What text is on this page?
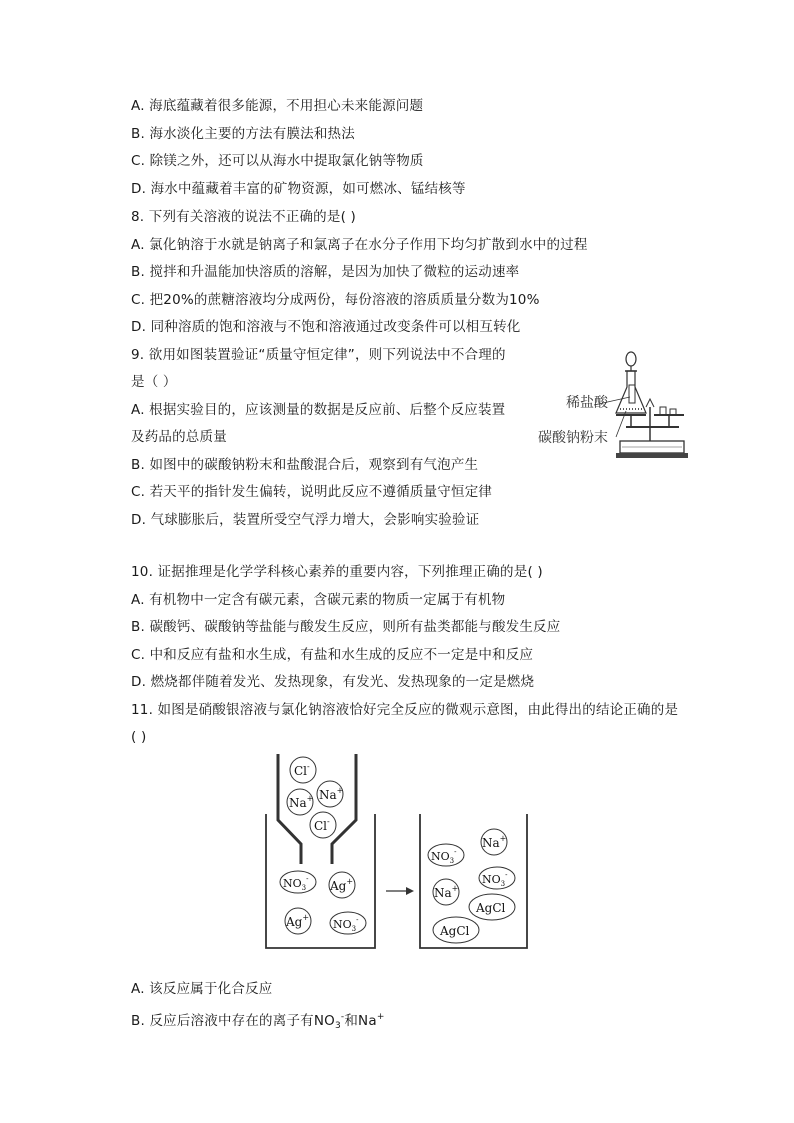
A. 海底蕴藏着很多能源，不用担心未来能源问题
B. 海水淡化主要的方法有膜法和热法
C. 除镁之外，还可以从海水中提取氯化钠等物质
D. 海水中蕴藏着丰富的矿物资源，如可燃冰、锰结核等
8. 下列有关溶液的说法不正确的是( )
A. 氯化钠溶于水就是钠离子和氯离子在水分子作用下均匀扩散到水中的过程
B. 搅拌和升温能加快溶质的溶解，是因为加快了微粒的运动速率
C. 把20%的蔗糖溶液均分成两份，每份溶液的溶质质量分数为10%
D. 同种溶质的饱和溶液与不饱和溶液通过改变条件可以相互转化
9. 欲用如图装置验证“质量守恒定律”，则下列说法中不合理的
是（ ）
A. 根据实验目的，应该测量的数据是反应前、后整个反应装置
及药品的总质量
B. 如图中的碳酸钠粉末和盐酸混合后，观察到有气泡产生
C. 若天平的指针发生偏转，说明此反应不遵循质量守恒定律
D. 气球膨胀后，装置所受空气浮力增大，会影响实验验证
稀盐酸
碳酸钠粉末
10. 证据推理是化学学科核心素养的重要内容，下列推理正确的是( )
A. 有机物中一定含有碳元素，含碳元素的物质一定属于有机物
B. 碳酸钙、碳酸钠等盐能与酸发生反应，则所有盐类都能与酸发生反应
C. 中和反应有盐和水生成，有盐和水生成的反应不一定是中和反应
D. 燃烧都伴随着发光、发热现象，有发光、发热现象的一定是燃烧
11. 如图是硝酸银溶液与氯化钠溶液恰好完全反应的微观示意图，由此得出的结论正确的是
( )
Cl-
Na+
Na+
Cl-
$NO_3^-$ Ag+
Ag+
$NO_3^-$
Na+
$NO_3^-$
$NO_3^-$
Na+
AgCl
AgCl
A. 该反应属于化合反应
B. 反应后溶液中存在的离子有$NO_3^-$和Na+
